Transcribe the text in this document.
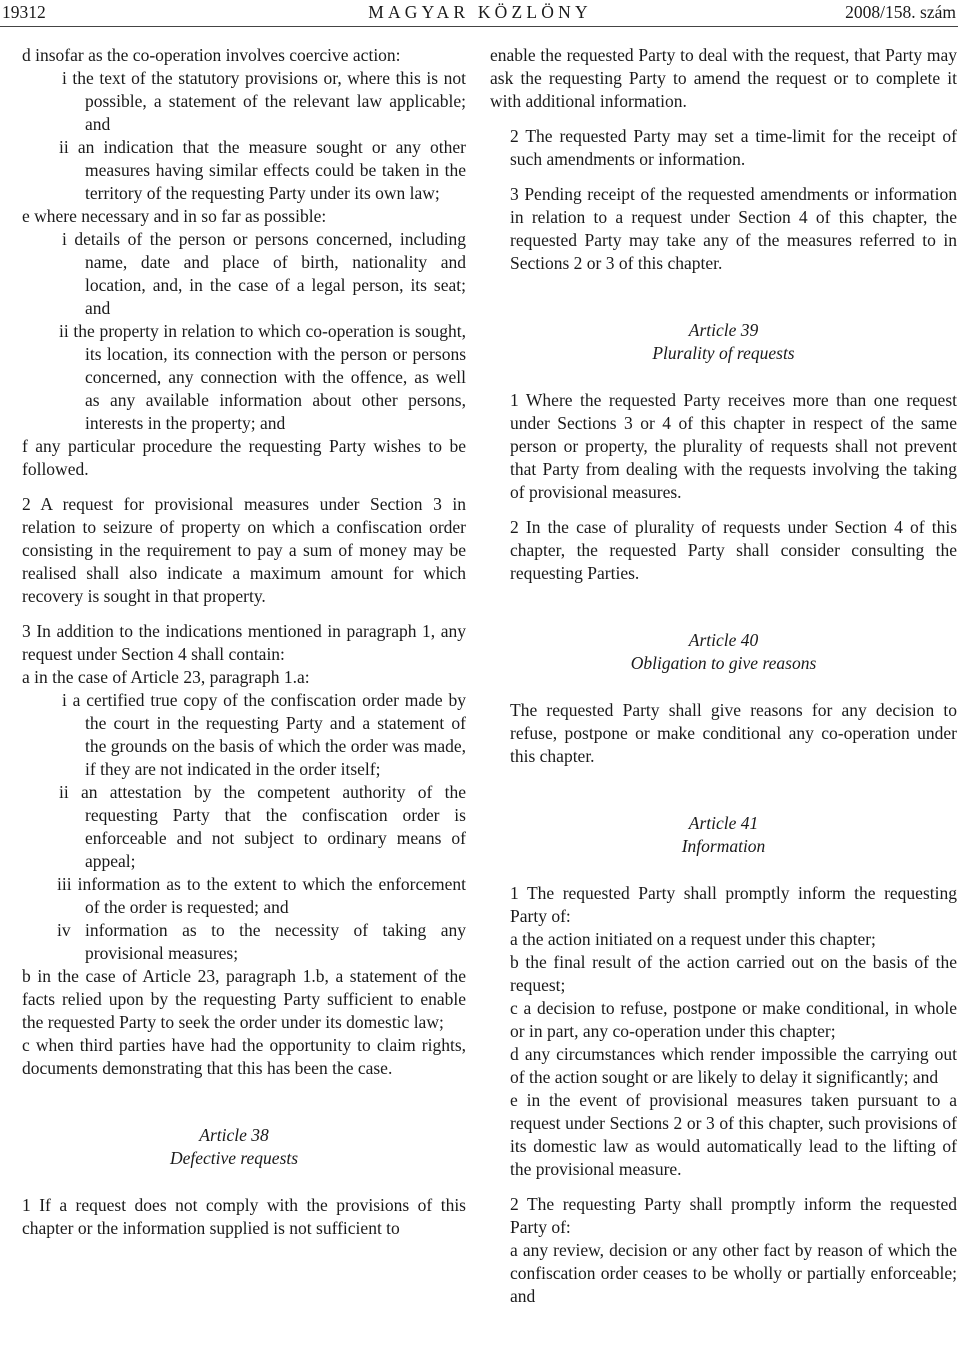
19312	MAGYAR KÖZLÖNY	2008/158. szám

d insofar as the co-operation involves coercive action:

i the text of the statutory provisions or, where this is not possible, a statement of the relevant law applicable; and

ii an indication that the measure sought or any other measures having similar effects could be taken in the territory of the requesting Party under its own law;

e where necessary and in so far as possible:

i details of the person or persons concerned, including name, date and place of birth, nationality and location, and, in the case of a legal person, its seat; and

ii the property in relation to which co-operation is sought, its location, its connection with the person or persons concerned, any connection with the offence, as well as any available information about other persons, interests in the property; and

f any particular procedure the requesting Party wishes to be followed.

2 A request for provisional measures under Section 3 in relation to seizure of property on which a confiscation order consisting in the requirement to pay a sum of money may be realised shall also indicate a maximum amount for which recovery is sought in that property.

3 In addition to the indications mentioned in paragraph 1, any request under Section 4 shall contain:

a in the case of Article 23, paragraph 1.a:

i a certified true copy of the confiscation order made by the court in the requesting Party and a statement of the grounds on the basis of which the order was made, if they are not indicated in the order itself;

ii an attestation by the competent authority of the requesting Party that the confiscation order is enforceable and not subject to ordinary means of appeal;

iii information as to the extent to which the enforcement of the order is requested; and

iv information as to the necessity of taking any provisional measures;

b in the case of Article 23, paragraph 1.b, a statement of the facts relied upon by the requesting Party sufficient to enable the requested Party to seek the order under its domestic law;

c when third parties have had the opportunity to claim rights, documents demonstrating that this has been the case.

Article 38

Defective requests

1 If a request does not comply with the provisions of this chapter or the information supplied is not sufficient to

enable the requested Party to deal with the request, that Party may ask the requesting Party to amend the request or to complete it with additional information.

2 The requested Party may set a time-limit for the receipt of such amendments or information.

3 Pending receipt of the requested amendments or information in relation to a request under Section 4 of this chapter, the requested Party may take any of the measures referred to in Sections 2 or 3 of this chapter.

Article 39

Plurality of requests

1 Where the requested Party receives more than one request under Sections 3 or 4 of this chapter in respect of the same person or property, the plurality of requests shall not prevent that Party from dealing with the requests involving the taking of provisional measures.

2 In the case of plurality of requests under Section 4 of this chapter, the requested Party shall consider consulting the requesting Parties.

Article 40

Obligation to give reasons

The requested Party shall give reasons for any decision to refuse, postpone or make conditional any co-operation under this chapter.

Article 41

Information

1 The requested Party shall promptly inform the requesting Party of:

a the action initiated on a request under this chapter;

b the final result of the action carried out on the basis of the request;

c a decision to refuse, postpone or make conditional, in whole or in part, any co-operation under this chapter;

d any circumstances which render impossible the carrying out of the action sought or are likely to delay it significantly; and

e in the event of provisional measures taken pursuant to a request under Sections 2 or 3 of this chapter, such provisions of its domestic law as would automatically lead to the lifting of the provisional measure.

2 The requesting Party shall promptly inform the requested Party of:

a any review, decision or any other fact by reason of which the confiscation order ceases to be wholly or partially enforceable; and
